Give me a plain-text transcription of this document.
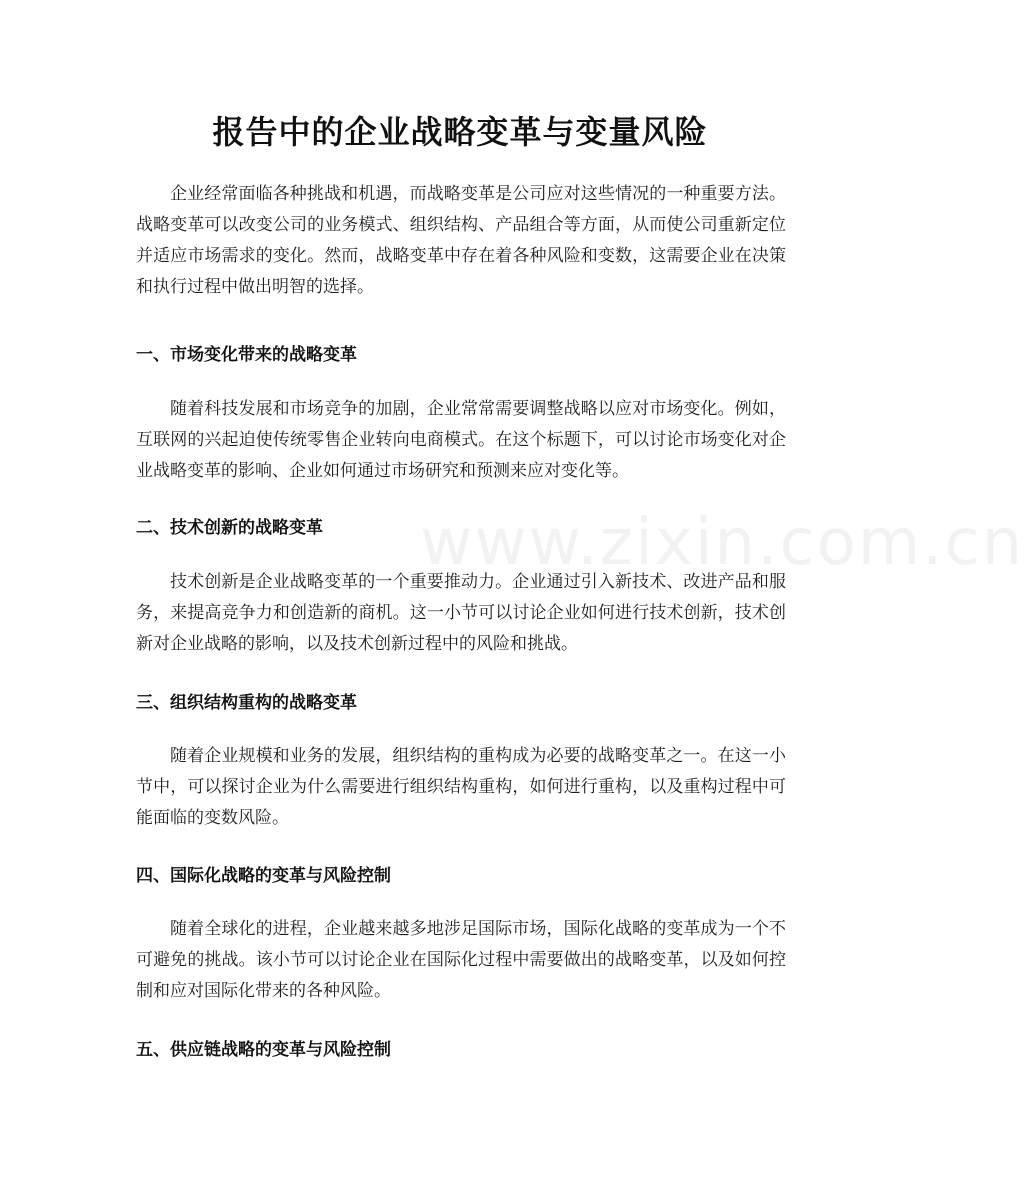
报告中的企业战略变革与变量风险

企业经常面临各种挑战和机遇，而战略变革是公司应对这些情况的一种重要方法。战略变革可以改变公司的业务模式、组织结构、产品组合等方面，从而使公司重新定位并适应市场需求的变化。然而，战略变革中存在着各种风险和变数，这需要企业在决策和执行过程中做出明智的选择。

一、市场变化带来的战略变革

随着科技发展和市场竞争的加剧，企业常常需要调整战略以应对市场变化。例如，互联网的兴起迫使传统零售企业转向电商模式。在这个标题下，可以讨论市场变化对企业战略变革的影响、企业如何通过市场研究和预测来应对变化等。

二、技术创新的战略变革

技术创新是企业战略变革的一个重要推动力。企业通过引入新技术、改进产品和服务，来提高竞争力和创造新的商机。这一小节可以讨论企业如何进行技术创新，技术创新对企业战略的影响，以及技术创新过程中的风险和挑战。

三、组织结构重构的战略变革

随着企业规模和业务的发展，组织结构的重构成为必要的战略变革之一。在这一小节中，可以探讨企业为什么需要进行组织结构重构，如何进行重构，以及重构过程中可能面临的变数风险。

四、国际化战略的变革与风险控制

随着全球化的进程，企业越来越多地涉足国际市场，国际化战略的变革成为一个不可避免的挑战。该小节可以讨论企业在国际化过程中需要做出的战略变革，以及如何控制和应对国际化带来的各种风险。

五、供应链战略的变革与风险控制
www.zixin.com.cn
